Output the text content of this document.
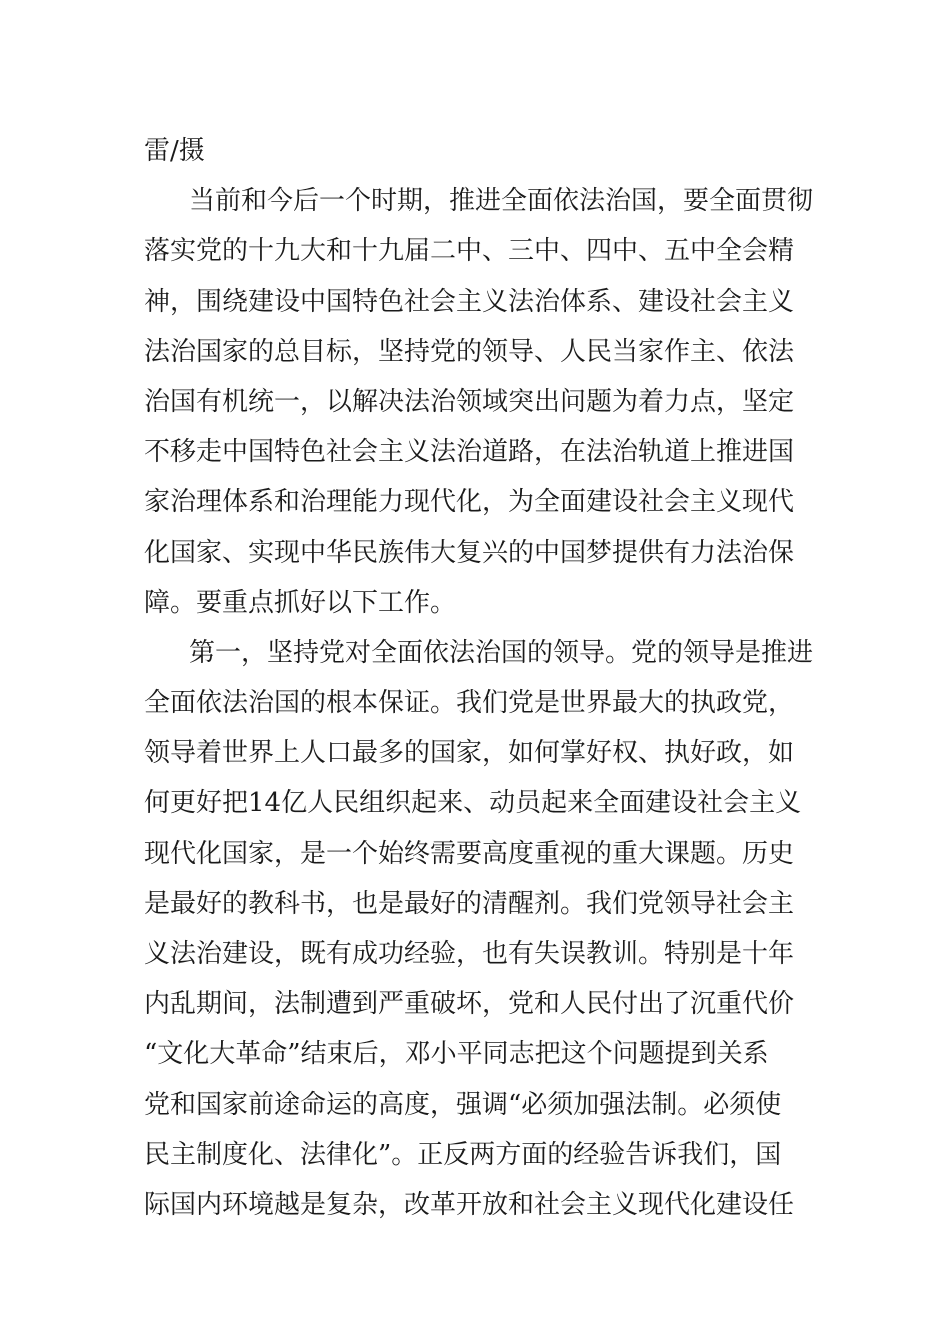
雷/摄
当前和今后一个时期，推进全面依法治国，要全面贯彻
落实党的十九大和十九届二中、三中、四中、五中全会精
神，围绕建设中国特色社会主义法治体系、建设社会主义
法治国家的总目标，坚持党的领导、人民当家作主、依法
治国有机统一，以解决法治领域突出问题为着力点，坚定
不移走中国特色社会主义法治道路，在法治轨道上推进国
家治理体系和治理能力现代化，为全面建设社会主义现代
化国家、实现中华民族伟大复兴的中国梦提供有力法治保
障。要重点抓好以下工作。
第一，坚持党对全面依法治国的领导。党的领导是推进
全面依法治国的根本保证。我们党是世界最大的执政党，
领导着世界上人口最多的国家，如何掌好权、执好政，如
何更好把14亿人民组织起来、动员起来全面建设社会主义
现代化国家，是一个始终需要高度重视的重大课题。历史
是最好的教科书，也是最好的清醒剂。我们党领导社会主
义法治建设，既有成功经验，也有失误教训。特别是十年
内乱期间，法制遭到严重破坏，党和人民付出了沉重代价
“文化大革命”结束后，邓小平同志把这个问题提到关系
党和国家前途命运的高度，强调“必须加强法制。必须使
民主制度化、法律化”。正反两方面的经验告诉我们，国
际国内环境越是复杂，改革开放和社会主义现代化建设任
